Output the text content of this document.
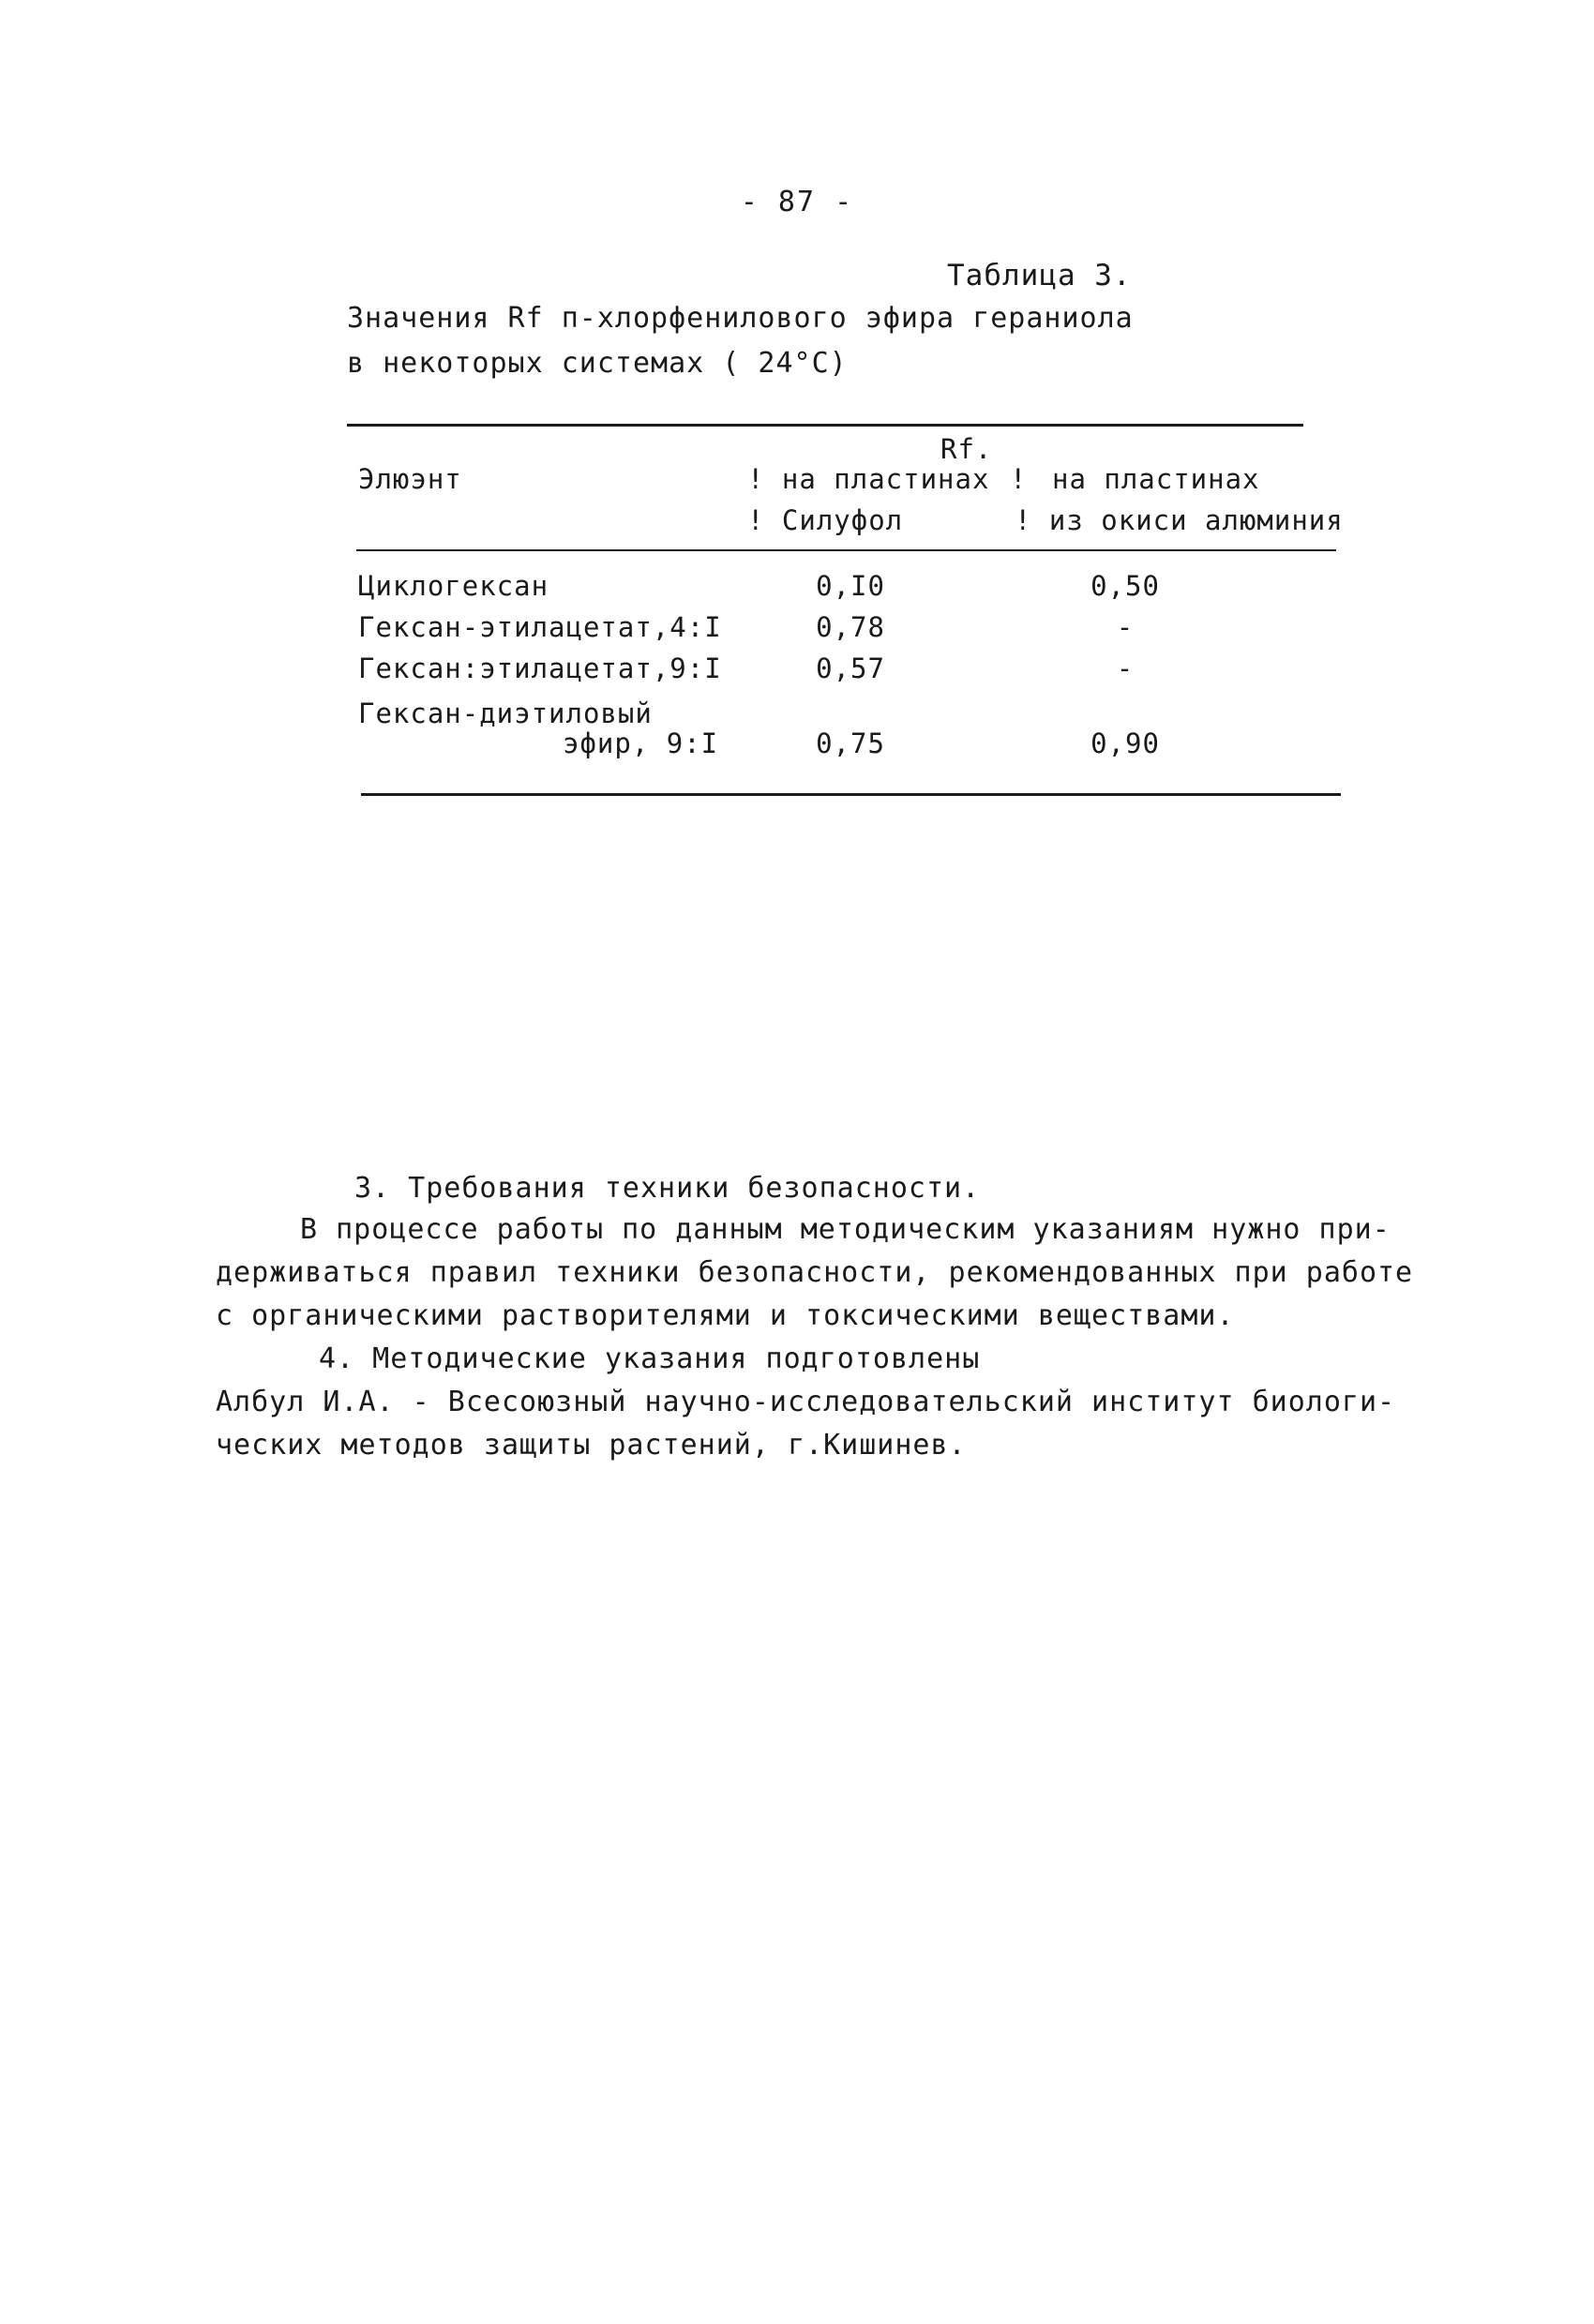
- 87 -
Таблица 3.
Значения Rf п-хлорфенилового эфира гераниола
в некоторых системах ( 24°С)
Rf.
Элюэнт	! на пластинах
! Силуфол
! на пластинах
! из окиси алюминия
Циклогексан	0,I0	0,50
Гексан-этилацетат,4:I	0,78	-
Гексан:этилацетат,9:I	0,57	-
Гексан-диэтиловый
эфир, 9:I	0,75	0,90
3. Требования техники безопасности.
В процессе работы по данным методическим указаниям нужно при-
держиваться правил техники безопасности, рекомендованных при работе
с органическими растворителями и токсическими веществами.
4. Методические указания подготовлены
Албул И.А. - Всесоюзный научно-исследовательский институт биологи-
ческих методов защиты растений, г.Кишинев.
